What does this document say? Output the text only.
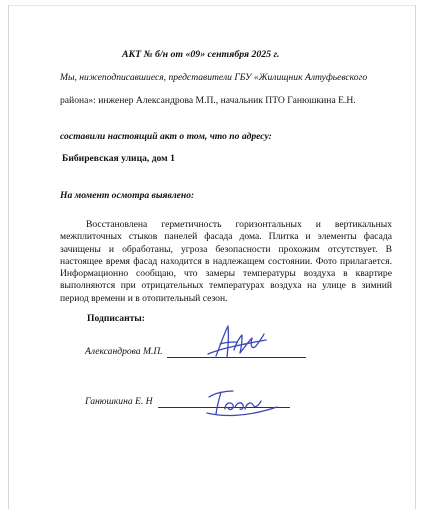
АКТ № б/н от «09» сентября 2025 г.
Мы, нижеподписавшиеся, представители ГБУ «Жилищник Алтуфьевского
района»: инженер Александрова М.П., начальник ПТО Ганюшкина Е.Н.
составили настоящий акт о том, что по адресу:
Бибиревская улица, дом 1
На момент осмотра выявлено:
Восстановлена герметичность горизонтальных и вертикальных межплиточных стыков панелей фасада дома. Плитка и элементы фасада зачищены и обработаны, угроза безопасности прохожим отсутствует. В настоящее время фасад находится в надлежащем состоянии. Фото прилагается. Информационно сообщаю, что замеры температуры воздуха в квартире выполняются при отрицательных температурах воздуха на улице в зимний период времени и в отопительный сезон.
Подписанты:
Александрова М.П.
Ганюшкина Е. Н
